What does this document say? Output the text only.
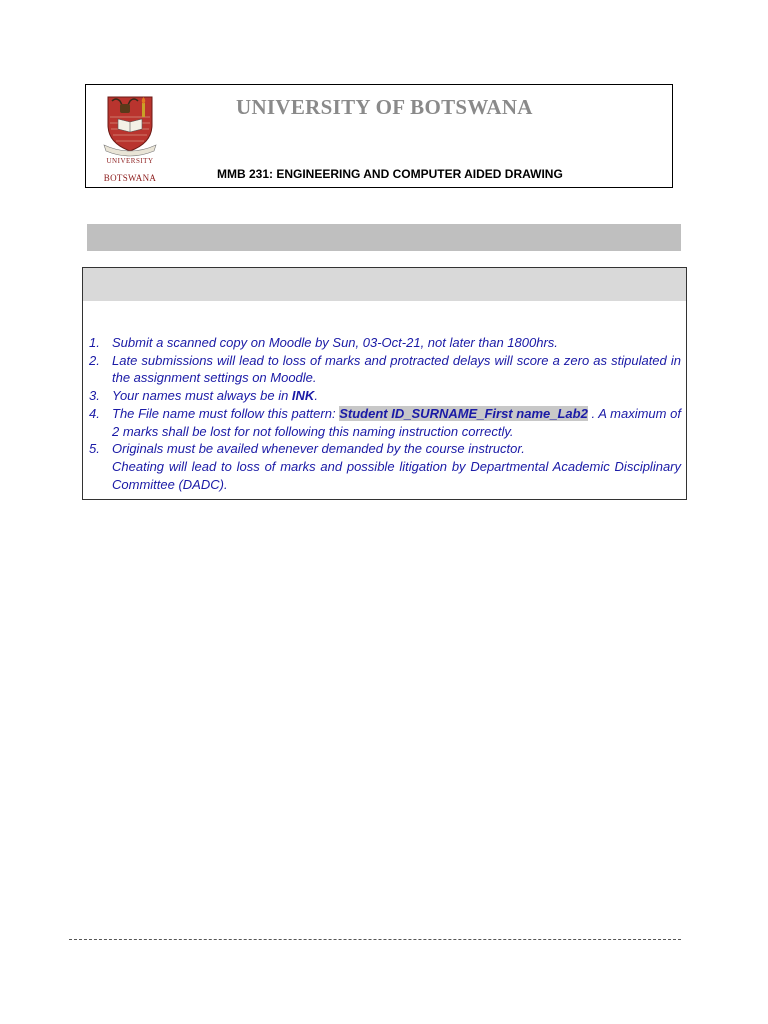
UNIVERSITY
BOTSWANA
UNIVERSITY OF BOTSWANA
MMB 231: ENGINEERING AND COMPUTER AIDED DRAWING
1. Submit a scanned copy on Moodle by Sun, 03-Oct-21, not later than 1800hrs.
2. Late submissions will lead to loss of marks and protracted delays will score a zero as stipulated in the assignment settings on Moodle.
3. Your names must always be in INK.
4. The File name must follow this pattern: Student ID_SURNAME_First name_Lab2 . A maximum of 2 marks shall be lost for not following this naming instruction correctly.
5. Originals must be availed whenever demanded by the course instructor.
Cheating will lead to loss of marks and possible litigation by Departmental Academic Disciplinary Committee (DADC).
